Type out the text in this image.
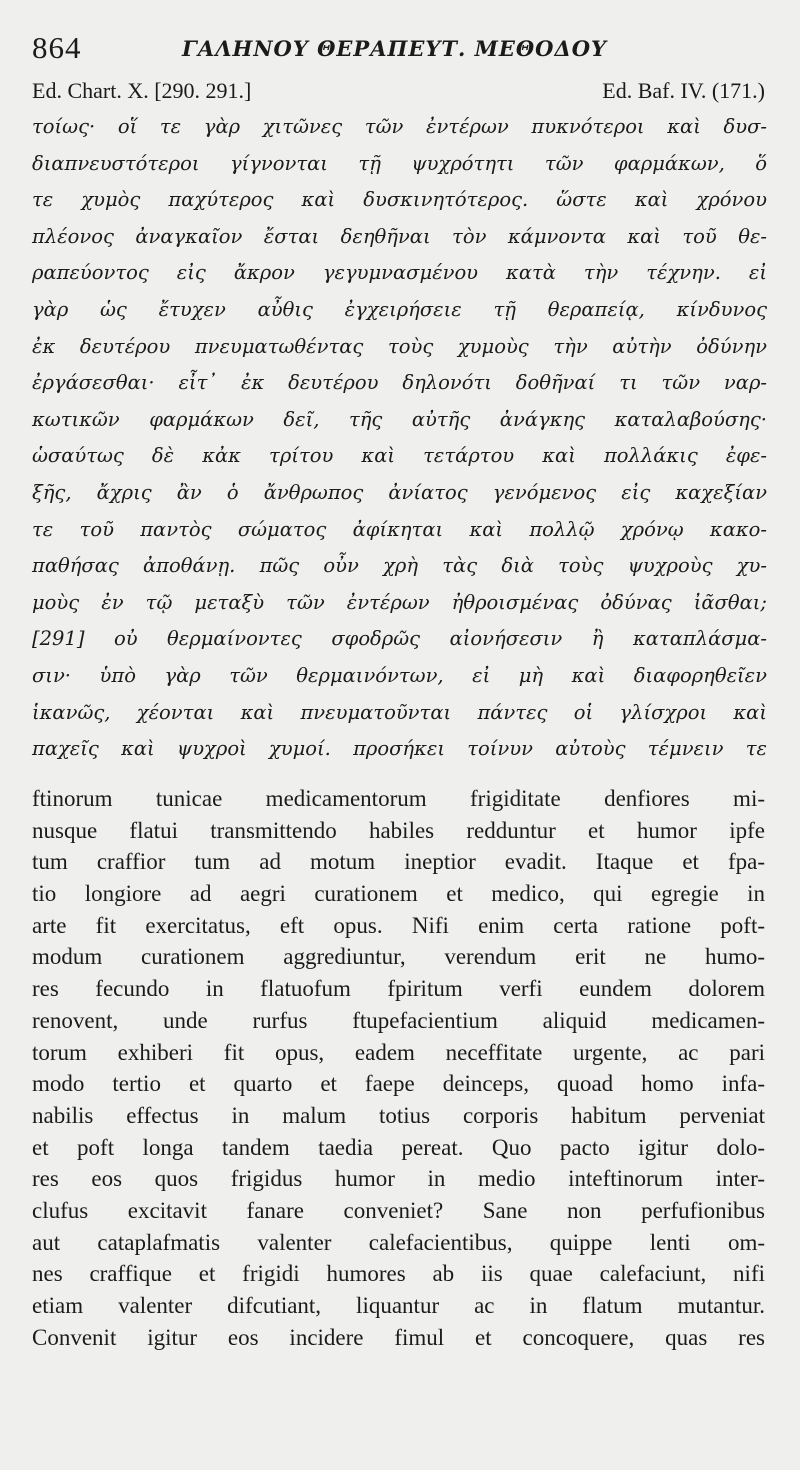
864	ΓΑΛΗΝΟΥ ΘΕΡΑΠΕΥΤ. ΜΕΘΟΔΟΥ
Ed. Chart. X. [290. 291.]	Ed. Baf. IV. (171.)
τοίως· οἵ τε γὰρ χιτῶνες τῶν ἐντέρων πυκνότεροι καὶ δυσ-
διαπνευστότεροι γίγνονται τῇ ψυχρότητι τῶν φαρμάκων, ὅ
τε χυμὸς παχύτερος καὶ δυσκινητότερος. ὥστε καὶ χρόνου
πλέονος ἀναγκαῖον ἔσται δεηθῆναι τὸν κάμνοντα καὶ τοῦ θε-
ραπεύοντος εἰς ἄκρον γεγυμνασμένου κατὰ τὴν τέχνην. εἰ
γὰρ ὡς ἔτυχεν αὖθις ἐγχειρήσειε τῇ θεραπείᾳ, κίνδυνος
ἐκ δευτέρου πνευματωθέντας τοὺς χυμοὺς τὴν αὐτὴν ὀδύνην
ἐργάσεσθαι· εἶτ᾽ ἐκ δευτέρου δηλονότι δοθῆναί τι τῶν ναρ-
κωτικῶν φαρμάκων δεῖ, τῆς αὐτῆς ἀνάγκης καταλαβούσης·
ὡσαύτως δὲ κἀκ τρίτου καὶ τετάρτου καὶ πολλάκις ἐφε-
ξῆς, ἄχρις ἂν ὁ ἄνθρωπος ἀνίατος γενόμενος εἰς καχεξίαν
τε τοῦ παντὸς σώματος ἀφίκηται καὶ πολλῷ χρόνῳ κακο-
παθήσας ἀποθάνῃ. πῶς οὖν χρὴ τὰς διὰ τοὺς ψυχροὺς χυ-
μοὺς ἐν τῷ μεταξὺ τῶν ἐντέρων ἠθροισμένας ὀδύνας ἰᾶσθαι;
[291] οὐ θερμαίνοντες σφοδρῶς αἰονήσεσιν ἢ καταπλάσμα-
σιν· ὑπὸ γὰρ τῶν θερμαινόντων, εἰ μὴ καὶ διαφορηθεῖεν
ἱκανῶς, χέονται καὶ πνευματοῦνται πάντες οἱ γλίσχροι καὶ
παχεῖς καὶ ψυχροὶ χυμοί. προσήκει τοίνυν αὐτοὺς τέμνειν τε
ftinorum tunicae medicamentorum frigiditate denfiores mi-
nusque flatui transmittendo habiles redduntur et humor ipfe
tum craffior tum ad motum ineptior evadit. Itaque et fpa-
tio longiore ad aegri curationem et medico, qui egregie in
arte fit exercitatus, eft opus. Nifi enim certa ratione poft-
modum curationem aggrediuntur, verendum erit ne humo-
res fecundo in flatuofum fpiritum verfi eundem dolorem
renovent, unde rurfus ftupefacientium aliquid medicamen-
torum exhiberi fit opus, eadem neceffitate urgente, ac pari
modo tertio et quarto et faepe deinceps, quoad homo infa-
nabilis effectus in malum totius corporis habitum perveniat
et poft longa tandem taedia pereat. Quo pacto igitur dolo-
res eos quos frigidus humor in medio inteftinorum inter-
clufus excitavit fanare conveniet? Sane non perfufionibus
aut cataplafmatis valenter calefacientibus, quippe lenti om-
nes craffique et frigidi humores ab iis quae calefaciunt, nifi
etiam valenter difcutiant, liquantur ac in flatum mutantur.
Convenit igitur eos incidere fimul et concoquere, quas res
